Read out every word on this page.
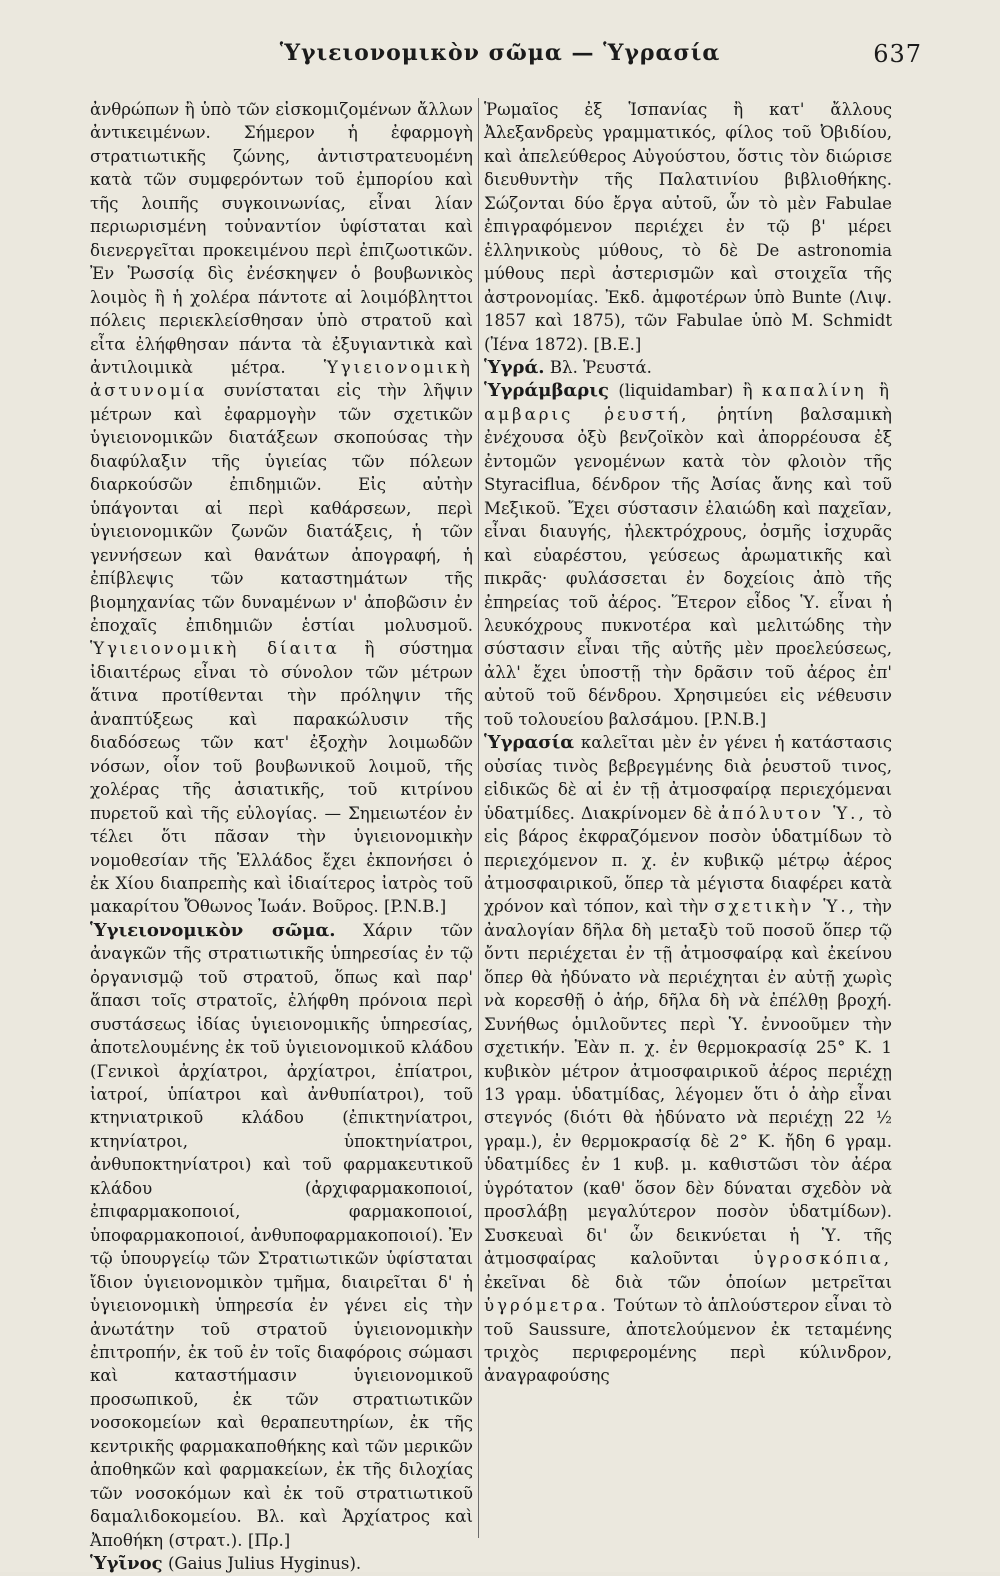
Ὑγιειονομικὸν σῶμα — Ὑγρασία	637

ἀνθρώπων ἢ ὑπὸ τῶν εἰσκομιζομένων ἄλλων ἀντικειμένων. Σήμερον ἡ ἐφαρμογὴ στρατιωτικῆς ζώνης, ἀντιστρατευομένη κατὰ τῶν συμφερόντων τοῦ ἐμπορίου καὶ τῆς λοιπῆς συγκοινωνίας, εἶναι λίαν περιωρισμένη τοὐναντίον ὑφίσταται καὶ διενεργεῖται προκειμένου περὶ ἐπιζωοτικῶν. Ἐν Ῥωσσίᾳ δὶς ἐνέσκηψεν ὁ βουβωνικὸς λοιμὸς ἢ ἡ χολέρα πάντοτε αἱ λοιμόβληττοι πόλεις περιεκλείσθησαν ὑπὸ στρατοῦ καὶ εἶτα ἐλήφθησαν πάντα τὰ ἐξυγιαντικὰ καὶ ἀντιλοιμικὰ μέτρα. Ὑγιειονομικὴ ἀστυνομία συνίσταται εἰς τὴν λῆψιν μέτρων καὶ ἐφαρμογὴν τῶν σχετικῶν ὑγιειονομικῶν διατάξεων σκοπούσας τὴν διαφύλαξιν τῆς ὑγιείας τῶν πόλεων διαρκούσῶν ἐπιδημιῶν. Εἰς αὐτὴν ὑπάγονται αἱ περὶ καθάρσεων, περὶ ὑγιειονομικῶν ζωνῶν διατάξεις, ἡ τῶν γεννήσεων καὶ θανάτων ἀπογραφή, ἡ ἐπίβλεψις τῶν καταστημάτων τῆς βιομηχανίας τῶν δυναμένων ν' ἀποβῶσιν ἐν ἐποχαῖς ἐπιδημιῶν ἑστίαι μολυσμοῦ. Ὑγιειονομικὴ δίαιτα ἢ σύστημα ἰδιαιτέρως εἶναι τὸ σύνολον τῶν μέτρων ἅτινα προτίθενται τὴν πρόληψιν τῆς ἀναπτύξεως καὶ παρακώλυσιν τῆς διαδόσεως τῶν κατ' ἐξοχὴν λοιμωδῶν νόσων, οἷον τοῦ βουβωνικοῦ λοιμοῦ, τῆς χολέρας τῆς ἀσιατικῆς, τοῦ κιτρίνου πυρετοῦ καὶ τῆς εὐλογίας. — Σημειωτέον ἐν τέλει ὅτι πᾶσαν τὴν ὑγιειονομικὴν νομοθεσίαν τῆς Ἑλλάδος ἔχει ἐκπονήσει ὁ ἐκ Χίου διαπρεπὴς καὶ ἰδιαίτερος ἰατρὸς τοῦ μακαρίτου Ὄθωνος Ἰωάν. Βοῦρος. [P.N.B.]

Ὑγιειονομικὸν σῶμα. Χάριν τῶν ἀναγκῶν τῆς στρατιωτικῆς ὑπηρεσίας ἐν τῷ ὀργανισμῷ τοῦ στρατοῦ, ὅπως καὶ παρ' ἅπασι τοῖς στρατοῖς, ἐλήφθη πρόνοια περὶ συστάσεως ἰδίας ὑγιειονομικῆς ὑπηρεσίας, ἀποτελουμένης ἐκ τοῦ ὑγιειονομικοῦ κλάδου (Γενικοὶ ἀρχίατροι, ἀρχίατροι, ἐπίατροι, ἰατροί, ὑπίατροι καὶ ἀνθυπίατροι), τοῦ κτηνιατρικοῦ κλάδου (ἐπικτηνίατροι, κτηνίατροι, ὑποκτηνίατροι, ἀνθυποκτηνίατροι) καὶ τοῦ φαρμακευτικοῦ κλάδου (ἀρχιφαρμακοποιοί, ἐπιφαρμακοποιοί, φαρμακοποιοί, ὑποφαρμακοποιοί, ἀνθυποφαρμακοποιοί). Ἐν τῷ ὑπουργείῳ τῶν Στρατιωτικῶν ὑφίσταται ἴδιον ὑγιειονομικὸν τμῆμα, διαιρεῖται δ' ἡ ὑγιειονομικὴ ὑπηρεσία ἐν γένει εἰς τὴν ἀνωτάτην τοῦ στρατοῦ ὑγιειονομικὴν ἐπιτροπήν, ἐκ τοῦ ἐν τοῖς διαφόροις σώμασι καὶ καταστήμασιν ὑγιειονομικοῦ προσωπικοῦ, ἐκ τῶν στρατιωτικῶν νοσοκομείων καὶ θεραπευτηρίων, ἐκ τῆς κεντρικῆς φαρμακαποθήκης καὶ τῶν μερικῶν ἀποθηκῶν καὶ φαρμακείων, ἐκ τῆς διλοχίας τῶν νοσοκόμων καὶ ἐκ τοῦ στρατιωτικοῦ δαμαλιδοκομείου. Βλ. καὶ Ἀρχίατρος καὶ Ἀποθήκη (στρατ.). [Πρ.]

Ὑγῖνος (Gaius Julius Hyginus).

Ῥωμαῖος ἐξ Ἱσπανίας ἢ κατ' ἄλλους Ἀλεξανδρεὺς γραμματικός, φίλος τοῦ Ὀβιδίου, καὶ ἀπελεύθερος Αὐγούστου, ὅστις τὸν διώρισε διευθυντὴν τῆς Παλατινίου βιβλιοθήκης. Σώζονται δύο ἔργα αὐτοῦ, ὧν τὸ μὲν Fabulae ἐπιγραφόμενον περιέχει ἐν τῷ β' μέρει ἑλληνικοὺς μύθους, τὸ δὲ De astronomia μύθους περὶ ἀστερισμῶν καὶ στοιχεῖα τῆς ἀστρονομίας. Ἐκδ. ἀμφοτέρων ὑπὸ Bunte (Λιψ. 1857 καὶ 1875), τῶν Fabulae ὑπὸ M. Schmidt (Ἰένα 1872). [B.E.]

Ὑγρά. Βλ. Ῥευστά.

Ὑγράμβαρις (liquidambar) ἢ καπαλίνη ἢ αμβαρις ῥευστή, ῥητίνη βαλσαμικὴ ἐνέχουσα ὀξὺ βενζοϊκὸν καὶ ἀπορρέουσα ἐξ ἐντομῶν γενομένων κατὰ τὸν φλοιὸν τῆς Styraciflua, δένδρον τῆς Ἀσίας ἄνης καὶ τοῦ Μεξικοῦ. Ἔχει σύστασιν ἐλαιώδη καὶ παχεῖαν, εἶναι διαυγής, ἠλεκτρόχρους, ὀσμῆς ἰσχυρᾶς καὶ εὐαρέστου, γεύσεως ἀρωματικῆς καὶ πικρᾶς· φυλάσσεται ἐν δοχείοις ἀπὸ τῆς ἐπηρείας τοῦ ἀέρος. Ἕτερον εἶδος Ὑ. εἶναι ἡ λευκόχρους πυκνοτέρα καὶ μελιτώδης τὴν σύστασιν εἶναι τῆς αὐτῆς μὲν προελεύσεως, ἀλλ' ἔχει ὑποστῇ τὴν δρᾶσιν τοῦ ἀέρος ἐπ' αὐτοῦ τοῦ δένδρου. Χρησιμεύει εἰς νέθευσιν τοῦ τολουείου βαλσάμου. [P.N.B.]

Ὑγρασία καλεῖται μὲν ἐν γένει ἡ κατάστασις οὐσίας τινὸς βεβρεγμένης διὰ ῥευστοῦ τινος, εἰδικῶς δὲ αἱ ἐν τῇ ἀτμοσφαίρᾳ περιεχόμεναι ὑδατμίδες. Διακρίνομεν δὲ ἀπόλυτον Ὑ., τὸ εἰς βάρος ἐκφραζόμενον ποσὸν ὑδατμίδων τὸ περιεχόμενον π. χ. ἐν κυβικῷ μέτρῳ ἀέρος ἀτμοσφαιρικοῦ, ὅπερ τὰ μέγιστα διαφέρει κατὰ χρόνον καὶ τόπον, καὶ τὴν σχετικὴν Ὑ., τὴν ἀναλογίαν δῆλα δὴ μεταξὺ τοῦ ποσοῦ ὅπερ τῷ ὄντι περιέχεται ἐν τῇ ἀτμοσφαίρᾳ καὶ ἐκείνου ὅπερ θὰ ἠδύνατο νὰ περιέχηται ἐν αὐτῇ χωρὶς νὰ κορεσθῇ ὁ ἀήρ, δῆλα δὴ νὰ ἐπέλθῃ βροχή. Συνήθως ὁμιλοῦντες περὶ Ὑ. ἐννοοῦμεν τὴν σχετικήν. Ἐὰν π. χ. ἐν θερμοκρασίᾳ 25° K. 1 κυβικὸν μέτρον ἀτμοσφαιρικοῦ ἀέρος περιέχῃ 13 γραμ. ὑδατμίδας, λέγομεν ὅτι ὁ ἀὴρ εἶναι στεγνός (διότι θὰ ἠδύνατο νὰ περιέχῃ 22 ½ γραμ.), ἐν θερμοκρασίᾳ δὲ 2° K. ἤδη 6 γραμ. ὑδατμίδες ἐν 1 κυβ. μ. καθιστῶσι τὸν ἀέρα ὑγρότατον (καθ' ὅσον δὲν δύναται σχεδὸν νὰ προσλάβῃ μεγαλύτερον ποσὸν ὑδατμίδων). Συσκευαὶ δι' ὧν δεικνύεται ἡ Ὑ. τῆς ἀτμοσφαίρας καλοῦνται ὑγροσκόπια, ἐκεῖναι δὲ διὰ τῶν ὁποίων μετρεῖται ὑγρόμετρα. Τούτων τὸ ἁπλούστερον εἶναι τὸ τοῦ Saussure, ἀποτελούμενον ἐκ τεταμένης τριχὸς περιφερομένης περὶ κύλινδρον, ἀναγραφούσης
